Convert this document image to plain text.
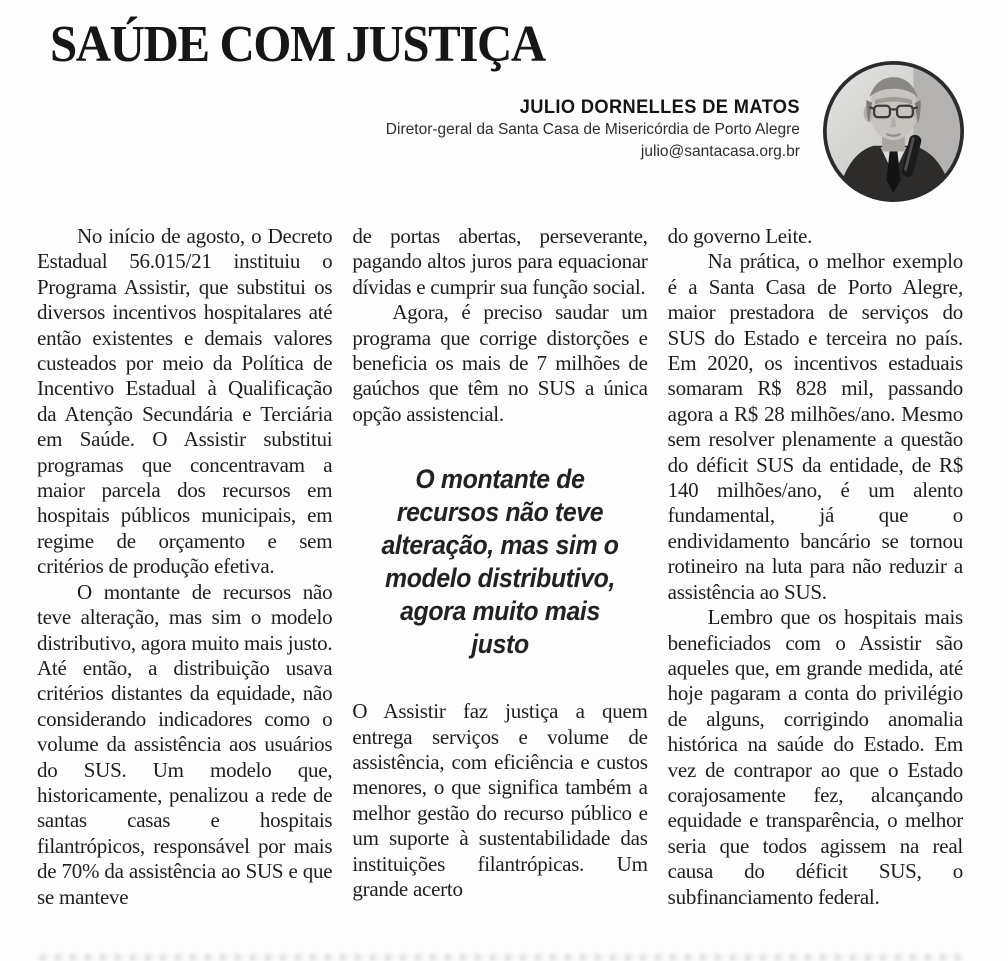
SAÚDE COM JUSTIÇA
JULIO DORNELLES DE MATOS
Diretor-geral da Santa Casa de Misericórdia de Porto Alegre
julio@santacasa.org.br

No início de agosto, o Decreto Estadual 56.015/21 instituiu o Programa Assistir, que substitui os diversos incentivos hospitalares até então existentes e demais valores custeados por meio da Política de Incentivo Estadual à Qualificação da Atenção Secundária e Terciária em Saúde. O Assistir substitui programas que concentravam a maior parcela dos recursos em hospitais públicos municipais, em regime de orçamento e sem critérios de produção efetiva.

O montante de recursos não teve alteração, mas sim o modelo distributivo, agora muito mais justo. Até então, a distribuição usava critérios distantes da equidade, não considerando indicadores como o volume da assistência aos usuários do SUS. Um modelo que, historicamente, penalizou a rede de santas casas e hospitais filantrópicos, responsável por mais de 70% da assistência ao SUS e que se manteve

de portas abertas, perseverante, pagando altos juros para equacionar dívidas e cumprir sua função social.

Agora, é preciso saudar um programa que corrige distorções e beneficia os mais de 7 milhões de gaúchos que têm no SUS a única opção assistencial.

O montante de recursos não teve alteração, mas sim o modelo distributivo, agora muito mais justo

O Assistir faz justiça a quem entrega serviços e volume de assistência, com eficiência e custos menores, o que significa também a melhor gestão do recurso público e um suporte à sustentabilidade das instituições filantrópicas. Um grande acerto

do governo Leite.

Na prática, o melhor exemplo é a Santa Casa de Porto Alegre, maior prestadora de serviços do SUS do Estado e terceira no país. Em 2020, os incentivos estaduais somaram R$ 828 mil, passando agora a R$ 28 milhões/ano. Mesmo sem resolver plenamente a questão do déficit SUS da entidade, de R$ 140 milhões/ano, é um alento fundamental, já que o endividamento bancário se tornou rotineiro na luta para não reduzir a assistência ao SUS.

Lembro que os hospitais mais beneficiados com o Assistir são aqueles que, em grande medida, até hoje pagaram a conta do privilégio de alguns, corrigindo anomalia histórica na saúde do Estado. Em vez de contrapor ao que o Estado corajosamente fez, alcançando equidade e transparência, o melhor seria que todos agissem na real causa do déficit SUS, o subfinanciamento federal.
